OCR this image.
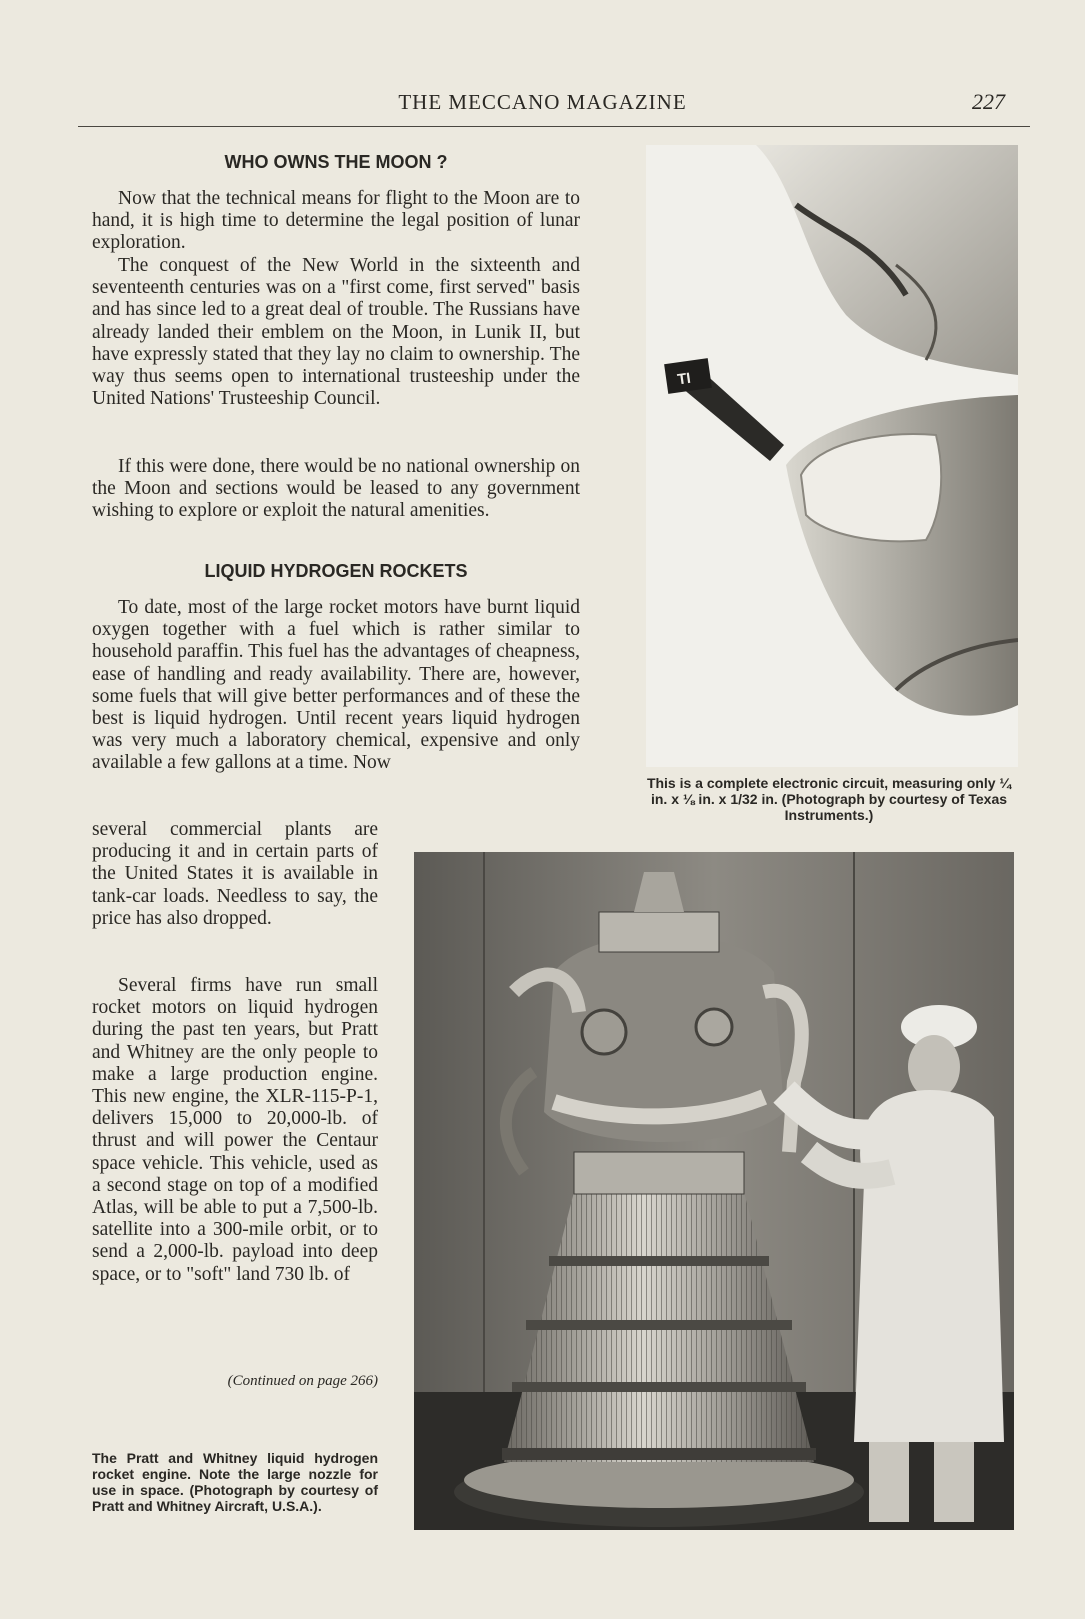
THE MECCANO MAGAZINE	227
WHO OWNS THE MOON ?

Now that the technical means for flight to the Moon are to hand, it is high time to determine the legal position of lunar exploration.

The conquest of the New World in the sixteenth and seventeenth centuries was on a "first come, first served" basis and has since led to a great deal of trouble. The Russians have already landed their emblem on the Moon, in Lunik II, but have expressly stated that they lay no claim to ownership. The way thus seems open to international trusteeship under the United Nations' Trusteeship Council.

If this were done, there would be no national ownership on the Moon and sections would be leased to any government wishing to explore or exploit the natural amenities.

LIQUID HYDROGEN ROCKETS

To date, most of the large rocket motors have burnt liquid oxygen together with a fuel which is rather similar to household paraffin. This fuel has the advantages of cheapness, ease of handling and ready availability. There are, however, some fuels that will give better performances and of these the best is liquid hydrogen. Until recent years liquid hydrogen was very much a laboratory chemical, expensive and only available a few gallons at a time. Now

several commercial plants are producing it and in certain parts of the United States it is available in tank-car loads. Needless to say, the price has also dropped.

Several firms have run small rocket motors on liquid hydrogen during the past ten years, but Pratt and Whitney are the only people to make a large production engine. This new engine, the XLR-115-P-1, delivers 15,000 to 20,000-lb. of thrust and will power the Centaur space vehicle. This vehicle, used as a second stage on top of a modified Atlas, will be able to put a 7,500-lb. satellite into a 300-mile orbit, or to send a 2,000-lb. payload into deep space, or to "soft" land 730 lb. of

(Continued on page 266)
TI
This is a complete electronic circuit, measuring only ¼ in. x ⅛ in. x 1/32 in. (Photograph by courtesy of Texas Instruments.)
The Pratt and Whitney liquid hydrogen rocket engine. Note the large nozzle for use in space. (Photograph by courtesy of Pratt and Whitney Aircraft, U.S.A.).
